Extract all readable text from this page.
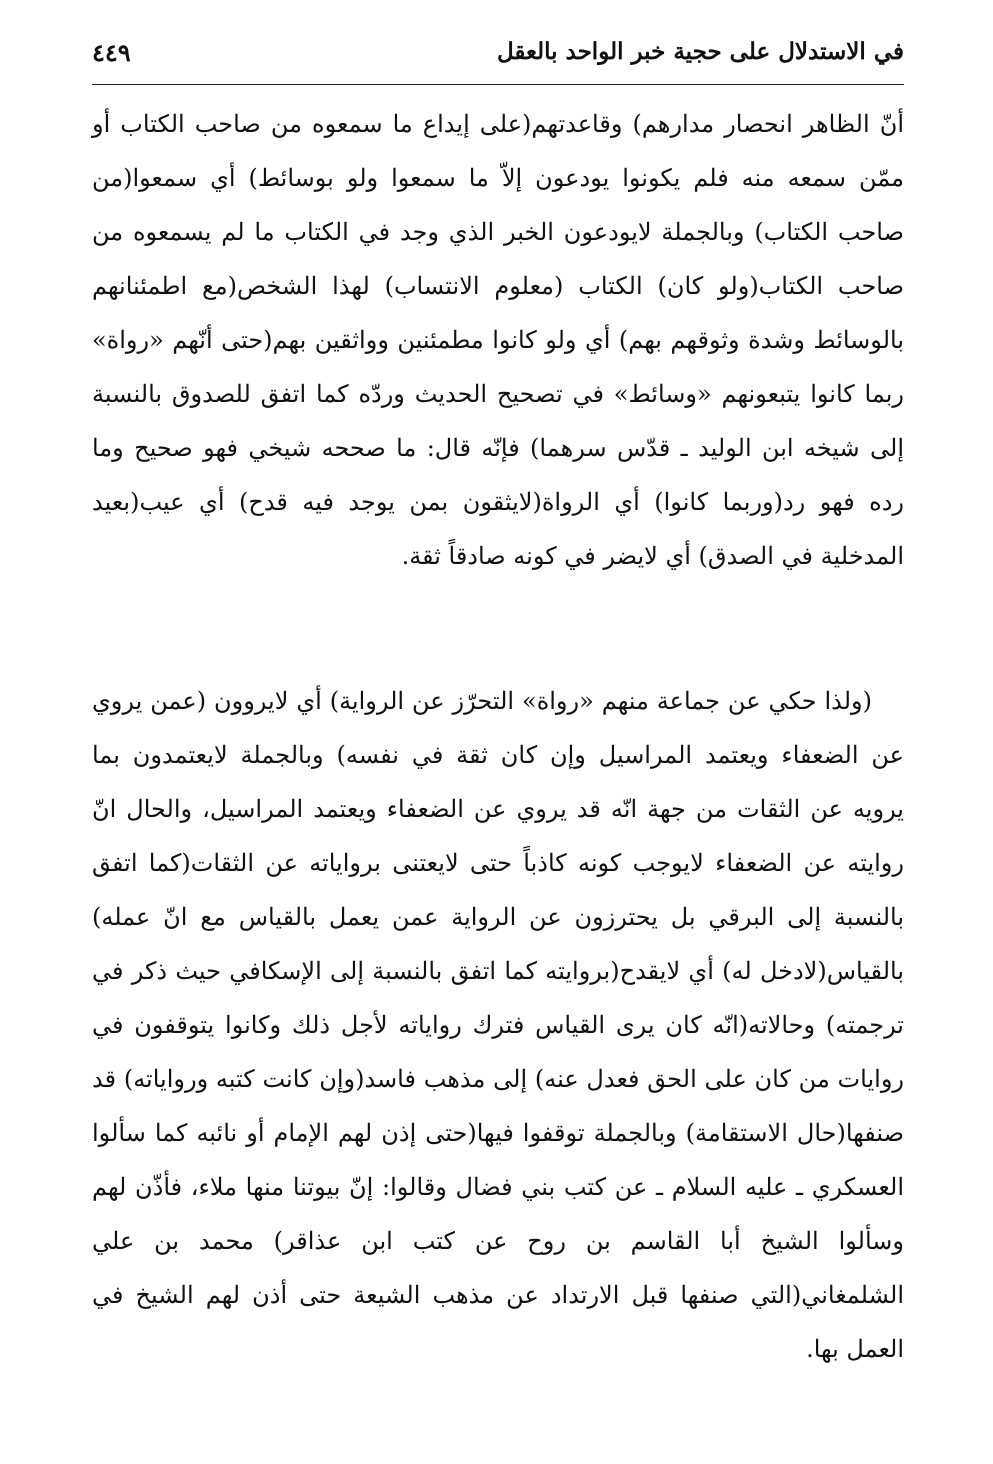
في الاستدلال على حجية خبر الواحد بالعقل
٤٤٩

أنّ الظاهر انحصار مدارهم) وقاعدتهم(على إيداع ما سمعوه من صاحب الكتاب أو ممّن سمعه منه فلم يكونوا يودعون إلاّ ما سمعوا ولو بوسائط) أي سمعوا(من صاحب الكتاب) وبالجملة لايودعون الخبر الذي وجد في الكتاب ما لم يسمعوه من صاحب الكتاب(ولو كان) الكتاب (معلوم الانتساب) لهذا الشخص(مع اطمئنانهم بالوسائط وشدة وثوقهم بهم) أي ولو كانوا مطمئنين وواثقين بهم(حتى أنّهم «رواة» ربما كانوا يتبعونهم «وسائط» في تصحيح الحديث وردّه كما اتفق للصدوق بالنسبة إلى شيخه ابن الوليد ـ قدّس سرهما) فإنّه قال: ما صححه شيخي فهو صحيح وما رده فهو رد(وربما كانوا) أي الرواة(لايثقون بمن يوجد فيه قدح) أي عيب(بعيد المدخلية في الصدق) أي لايضر في كونه صادقاً ثقة.

(ولذا حكي عن جماعة منهم «رواة» التحرّز عن الرواية) أي لايروون (عمن يروي عن الضعفاء ويعتمد المراسيل وإن كان ثقة في نفسه) وبالجملة لايعتمدون بما يرويه عن الثقات من جهة انّه قد يروي عن الضعفاء ويعتمد المراسيل، والحال انّ روايته عن الضعفاء لايوجب كونه كاذباً حتى لايعتنى برواياته عن الثقات(كما اتفق بالنسبة إلى البرقي بل يحترزون عن الرواية عمن يعمل بالقياس مع انّ عمله) بالقياس(لادخل له) أي لايقدح(بروايته كما اتفق بالنسبة إلى الإسكافي حيث ذكر في ترجمته) وحالاته(انّه كان يرى القياس فترك رواياته لأجل ذلك وكانوا يتوقفون في روايات من كان على الحق فعدل عنه) إلى مذهب فاسد(وإن كانت كتبه ورواياته) قد صنفها(حال الاستقامة) وبالجملة توقفوا فيها(حتى إذن لهم الإمام أو نائبه كما سألوا العسكري ـ عليه السلام ـ عن كتب بني فضال وقالوا: إنّ بيوتنا منها ملاء، فأذّن لهم وسألوا الشيخ أبا القاسم بن روح عن كتب ابن عذاقر) محمد بن علي الشلمغاني(التي صنفها قبل الارتداد عن مذهب الشيعة حتى أذن لهم الشيخ في العمل بها.
